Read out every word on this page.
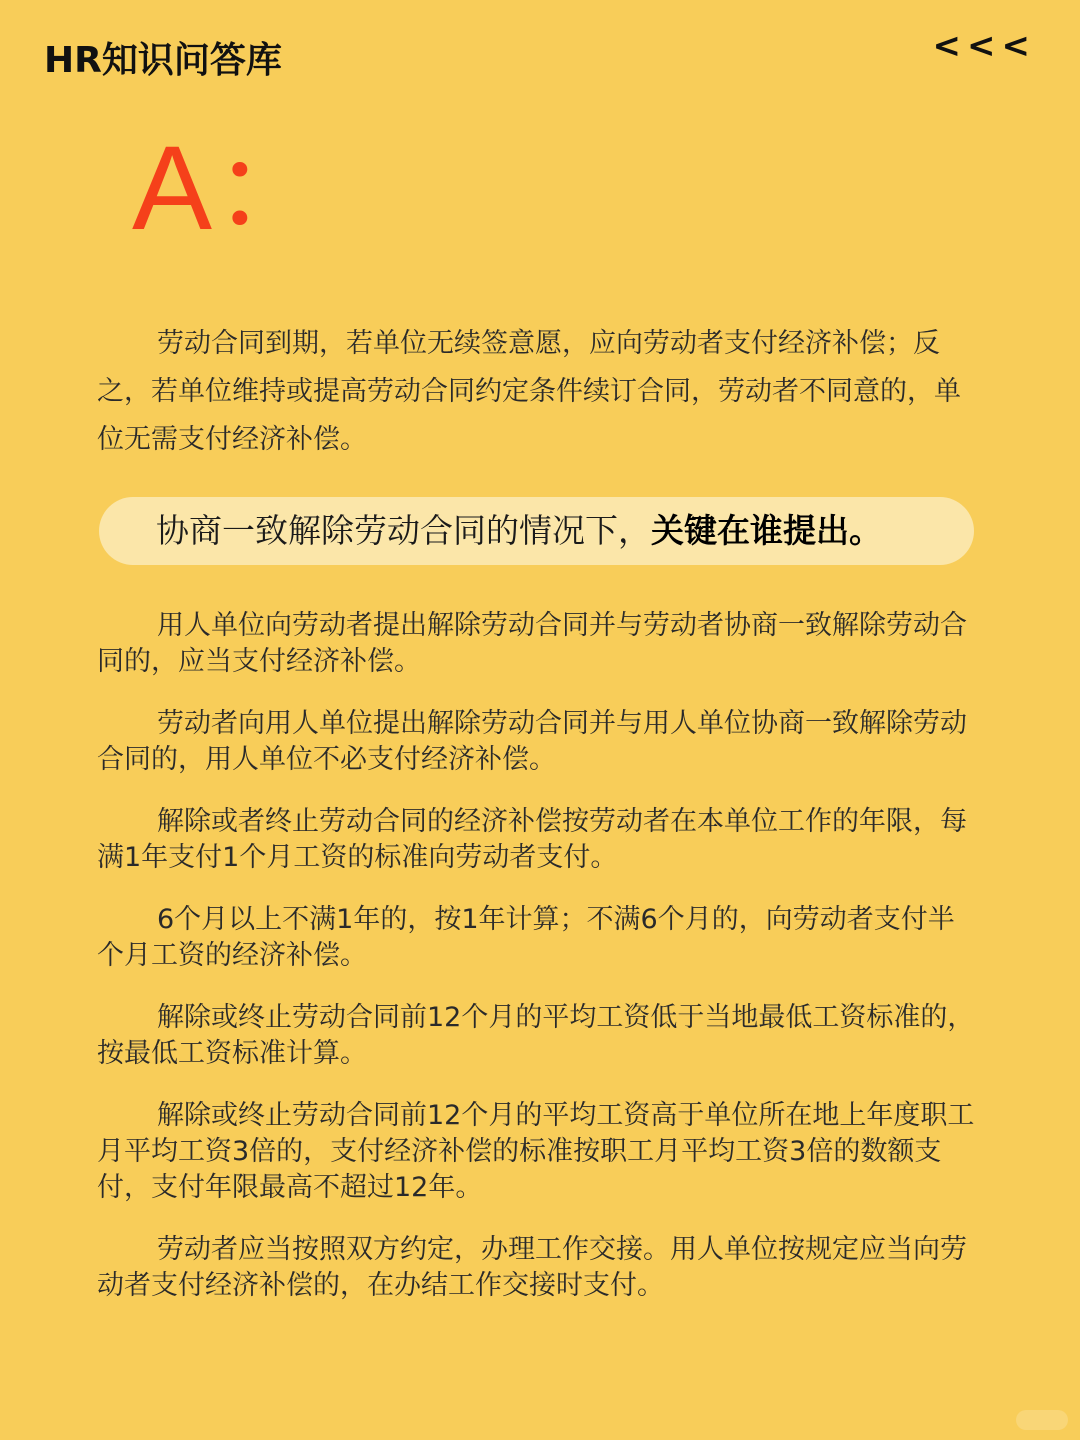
HR知识问答库	<<<
A：

劳动合同到期，若单位无续签意愿，应向劳动者支付经济补偿；反之，若单位维持或提高劳动合同约定条件续订合同，劳动者不同意的，单位无需支付经济补偿。

协商一致解除劳动合同的情况下，关键在谁提出。

用人单位向劳动者提出解除劳动合同并与劳动者协商一致解除劳动合同的，应当支付经济补偿。

劳动者向用人单位提出解除劳动合同并与用人单位协商一致解除劳动合同的，用人单位不必支付经济补偿。

解除或者终止劳动合同的经济补偿按劳动者在本单位工作的年限，每满1年支付1个月工资的标准向劳动者支付。

6个月以上不满1年的，按1年计算；不满6个月的，向劳动者支付半个月工资的经济补偿。

解除或终止劳动合同前12个月的平均工资低于当地最低工资标准的，按最低工资标准计算。

解除或终止劳动合同前12个月的平均工资高于单位所在地上年度职工月平均工资3倍的，支付经济补偿的标准按职工月平均工资3倍的数额支付，支付年限最高不超过12年。

劳动者应当按照双方约定，办理工作交接。用人单位按规定应当向劳动者支付经济补偿的，在办结工作交接时支付。
